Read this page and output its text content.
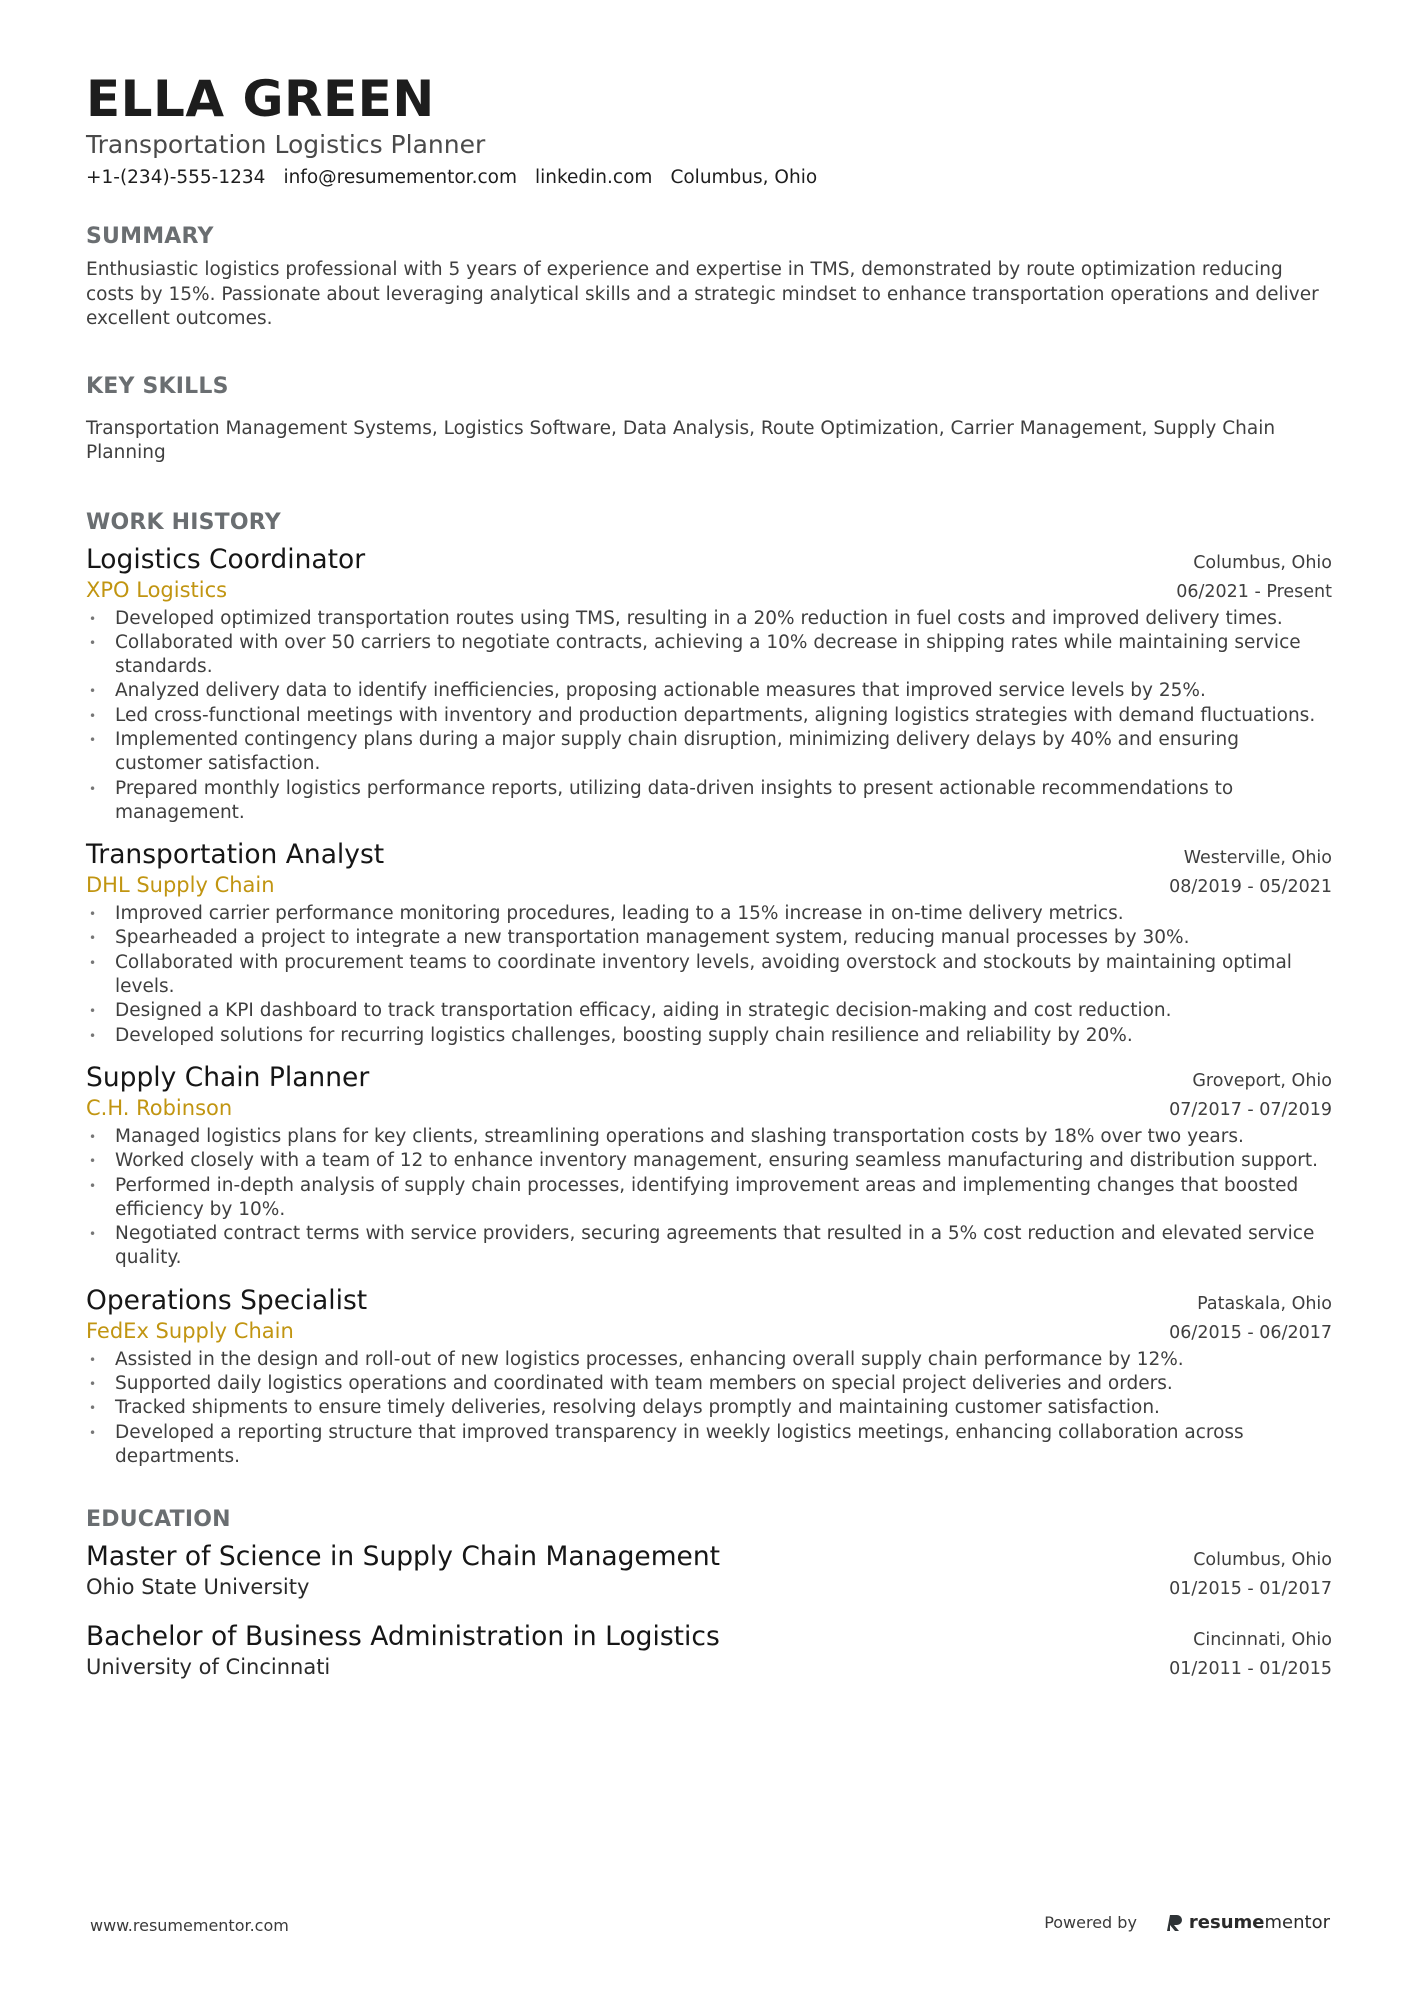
ELLA GREEN
Transportation Logistics Planner
+1-(234)-555-1234 info@resumementor.com linkedin.com Columbus, Ohio
SUMMARY
Enthusiastic logistics professional with 5 years of experience and expertise in TMS, demonstrated by route optimization reducing costs by 15%. Passionate about leveraging analytical skills and a strategic mindset to enhance transportation operations and deliver excellent outcomes.
KEY SKILLS
Transportation Management Systems, Logistics Software, Data Analysis, Route Optimization, Carrier Management, Supply Chain Planning
WORK HISTORY
Logistics Coordinator	Columbus, Ohio
XPO Logistics	06/2021 - Present
• Developed optimized transportation routes using TMS, resulting in a 20% reduction in fuel costs and improved delivery times.
• Collaborated with over 50 carriers to negotiate contracts, achieving a 10% decrease in shipping rates while maintaining service standards.
• Analyzed delivery data to identify inefficiencies, proposing actionable measures that improved service levels by 25%.
• Led cross-functional meetings with inventory and production departments, aligning logistics strategies with demand fluctuations.
• Implemented contingency plans during a major supply chain disruption, minimizing delivery delays by 40% and ensuring customer satisfaction.
• Prepared monthly logistics performance reports, utilizing data-driven insights to present actionable recommendations to management.
Transportation Analyst	Westerville, Ohio
DHL Supply Chain	08/2019 - 05/2021
• Improved carrier performance monitoring procedures, leading to a 15% increase in on-time delivery metrics.
• Spearheaded a project to integrate a new transportation management system, reducing manual processes by 30%.
• Collaborated with procurement teams to coordinate inventory levels, avoiding overstock and stockouts by maintaining optimal levels.
• Designed a KPI dashboard to track transportation efficacy, aiding in strategic decision-making and cost reduction.
• Developed solutions for recurring logistics challenges, boosting supply chain resilience and reliability by 20%.
Supply Chain Planner	Groveport, Ohio
C.H. Robinson	07/2017 - 07/2019
• Managed logistics plans for key clients, streamlining operations and slashing transportation costs by 18% over two years.
• Worked closely with a team of 12 to enhance inventory management, ensuring seamless manufacturing and distribution support.
• Performed in-depth analysis of supply chain processes, identifying improvement areas and implementing changes that boosted efficiency by 10%.
• Negotiated contract terms with service providers, securing agreements that resulted in a 5% cost reduction and elevated service quality.
Operations Specialist	Pataskala, Ohio
FedEx Supply Chain	06/2015 - 06/2017
• Assisted in the design and roll-out of new logistics processes, enhancing overall supply chain performance by 12%.
• Supported daily logistics operations and coordinated with team members on special project deliveries and orders.
• Tracked shipments to ensure timely deliveries, resolving delays promptly and maintaining customer satisfaction.
• Developed a reporting structure that improved transparency in weekly logistics meetings, enhancing collaboration across departments.
EDUCATION
Master of Science in Supply Chain Management	Columbus, Ohio
Ohio State University	01/2015 - 01/2017
Bachelor of Business Administration in Logistics	Cincinnati, Ohio
University of Cincinnati	01/2011 - 01/2015
www.resumementor.com	Powered by	resume mentor
